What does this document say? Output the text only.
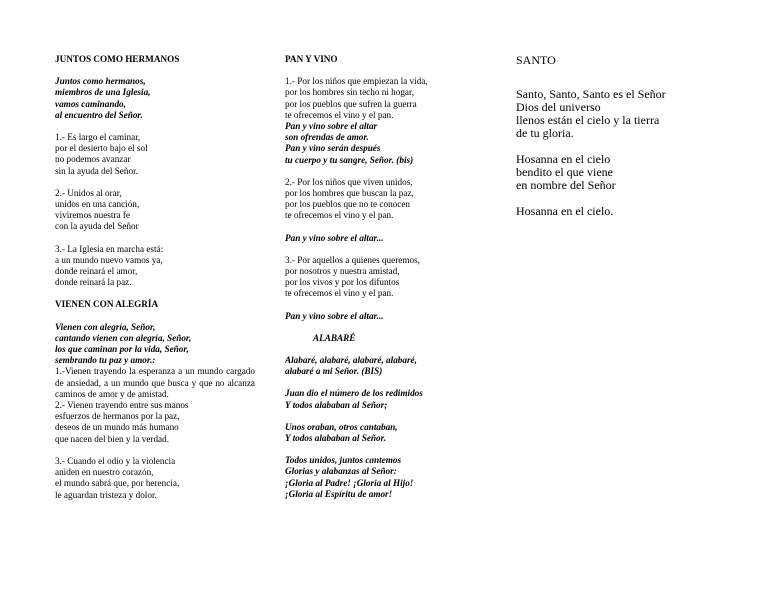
JUNTOS COMO HERMANOS
Juntos como hermanos,
miembros de una Iglesia,
vamos caminando,
al encuentro del Señor.
1.- Es largo el caminar,
por el desierto bajo el sol
no podemos avanzar
sin la ayuda del Señor.
2.- Unidos al orar,
unidos en una canción,
viviremos nuestra fe
con la ayuda del Señor
3.- La Iglesia en marcha está:
a un mundo nuevo vamos ya,
donde reinará el amor,
donde reinará la paz.
VIENEN CON ALEGRÍA
Vienen con alegría, Señor,
cantando vienen con alegría, Señor,
los que caminan por la vida, Señor,
sembrando tu paz y amor.:
1.-Vienen trayendo la esperanza a un mundo cargado de ansiedad, a un mundo que busca y que no alcanza caminos de amor y de amistad.
2.- Vienen trayendo entre sus manos
esfuerzos de hermanos por la paz,
deseos de un mundo más humano
que nacen del bien y la verdad.
3.- Cuando el odio y la violencia
aniden en nuestro corazón,
el mundo sabrá que, por herencia,
le aguardan tristeza y dolor.
PAN Y VINO
1.- Por los niños que empiezan la vida,
por los hombres sin techo ni hogar,
por los pueblos que sufren la guerra
te ofrecemos el vino y el pan.
Pan y vino sobre el altar
son ofrendas de amor.
Pan y vino serán después
tu cuerpo y tu sangre, Señor. (bis)
2.- Por los niños que viven unidos,
por los hombres que buscan la paz,
por los pueblos que no te conocen
te ofrecemos el vino y el pan.
Pan y vino sobre el altar...
3.- Por aquellos a quienes queremos,
por nosotros y nuestra amistad,
por los vivos y por los difuntos
te ofrecemos el vino y el pan.
Pan y vino sobre el altar...
ALABARÉ
Alabaré, alabaré, alabaré, alabaré,
alabaré a mi Señor. (BIS)
Juan dio el número de los redimidos
Y todos alababan al Señor;
Unos oraban, otros cantaban,
Y todos alababan al Señor.
Todos unidos, juntos cantemos
Glorias y alabanzas al Señor:
¡Gloria al Padre! ¡Gloria al Hijo!
¡Gloria al Espíritu de amor!
SANTO
Santo, Santo, Santo es el Señor
Dios del universo
llenos están el cielo y la tierra
de tu gloria.
Hosanna en el cielo
bendito el que viene
en nombre del Señor
Hosanna en el cielo.
